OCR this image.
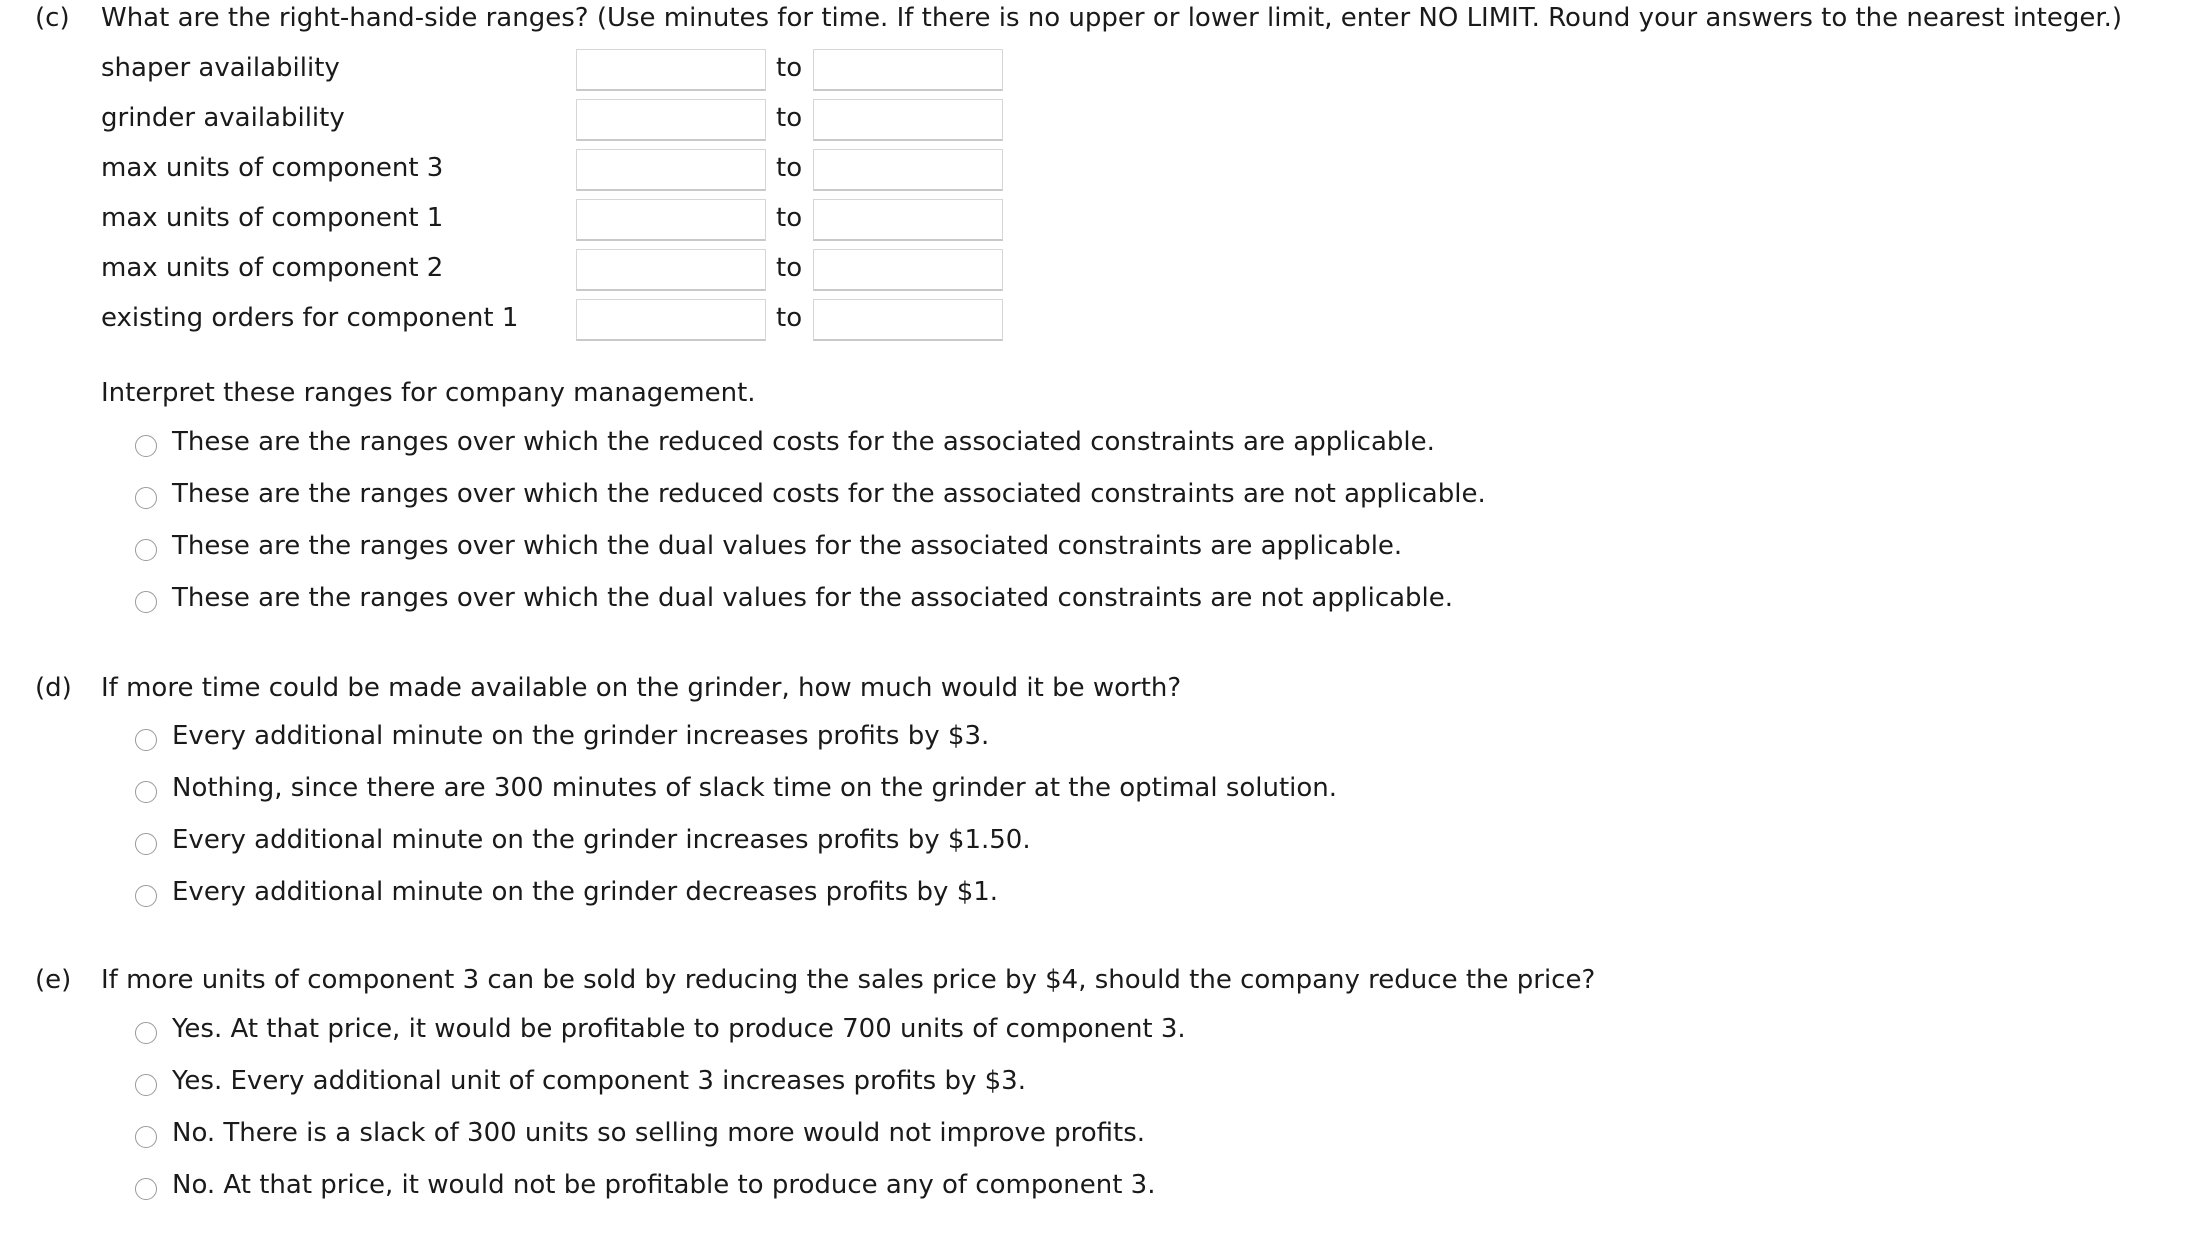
(c) What are the right-hand-side ranges? (Use minutes for time. If there is no upper or lower limit, enter NO LIMIT. Round your answers to the nearest integer.)
shaper availability	to
grinder availability	to
max units of component 3	to
max units of component 1	to
max units of component 2	to
existing orders for component 1	to
Interpret these ranges for company management.
These are the ranges over which the reduced costs for the associated constraints are applicable.
These are the ranges over which the reduced costs for the associated constraints are not applicable.
These are the ranges over which the dual values for the associated constraints are applicable.
These are the ranges over which the dual values for the associated constraints are not applicable.
(d) If more time could be made available on the grinder, how much would it be worth?
Every additional minute on the grinder increases profits by $3.
Nothing, since there are 300 minutes of slack time on the grinder at the optimal solution.
Every additional minute on the grinder increases profits by $1.50.
Every additional minute on the grinder decreases profits by $1.
(e) If more units of component 3 can be sold by reducing the sales price by $4, should the company reduce the price?
Yes. At that price, it would be profitable to produce 700 units of component 3.
Yes. Every additional unit of component 3 increases profits by $3.
No. There is a slack of 300 units so selling more would not improve profits.
No. At that price, it would not be profitable to produce any of component 3.
